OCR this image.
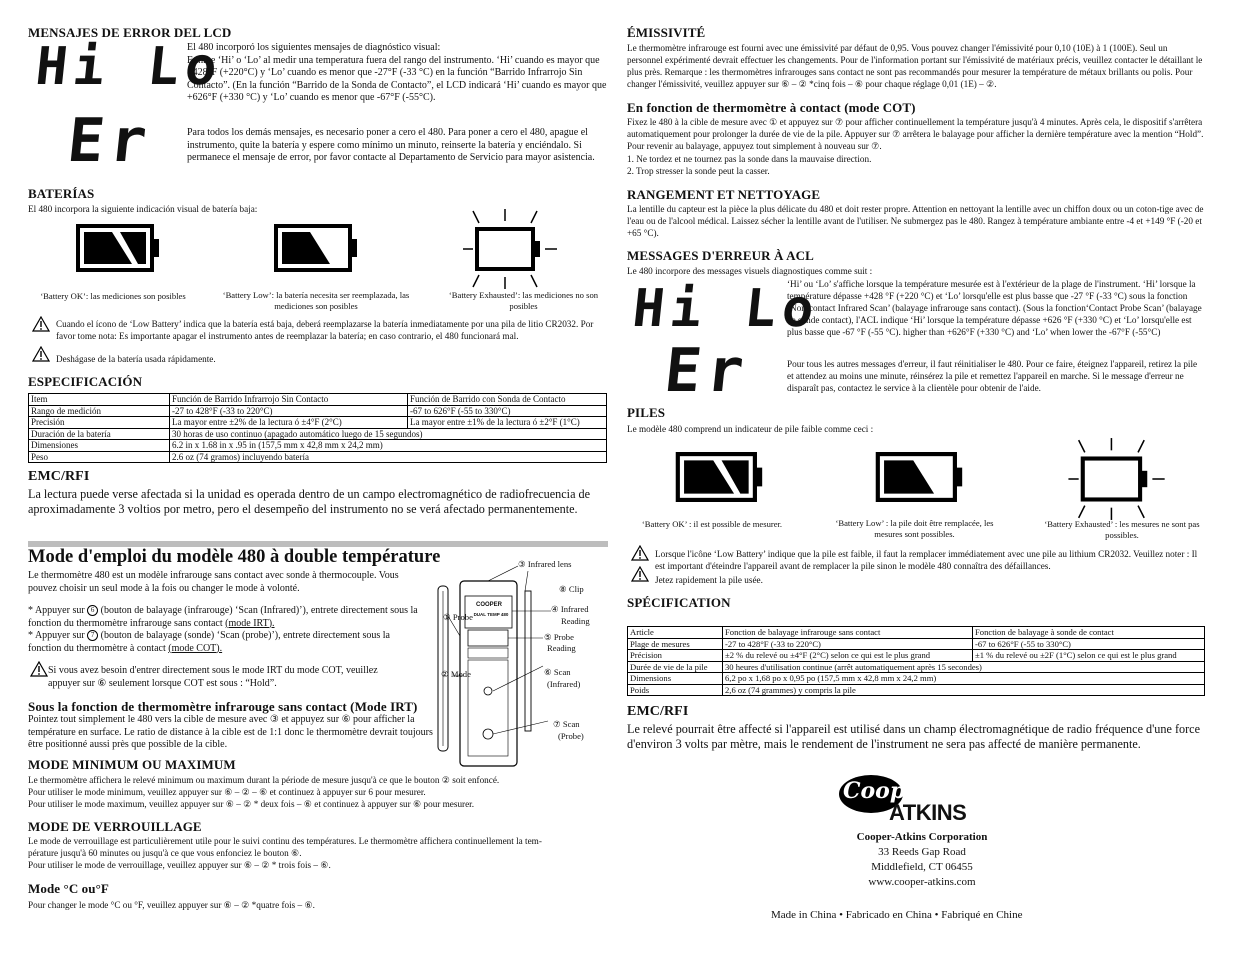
MENSAJES DE ERROR DEL LCD
Hi Lo
Er

El 480 incorporó los siguientes mensajes de diagnóstico visual:

Exhibe ‘Hi’ o ‘Lo’ al medir una temperatura fuera del rango del instrumento. ‘Hi’ cuando es mayor que +428°F (+220°C) y ‘Lo’ cuando es menor que -27°F (-33 °C) en la función “Barrido Infrarrojo Sin Contacto”. (En la función “Barrido de la Sonda de Contacto”, el LCD indicará ‘Hi’ cuando es mayor que +626°F (+330 °C) y ‘Lo’ cuando es menor que -67°F (-55°C).

Para todos los demás mensajes, es necesario poner a cero el 480. Para poner a cero el 480, apague el instrumento, quite la batería y espere como mínimo un minuto, reinserte la batería y enciéndalo. Si permanece el mensaje de error, por favor contacte al Departamento de Servicio para mayor asistencia.

BATERÍAS

El 480 incorpora la siguiente indicación visual de batería baja:

‘Battery OK’: las mediciones son posibles	‘Battery Low’: la batería necesita ser reemplazada, las mediciones son posibles

‘Battery Exhausted’: las mediciones no son posibles

Cuando el ícono de ‘Low Battery’ indica que la batería está baja, deberá reemplazarse la batería inmediatamente por una pila de litio CR2032. Por favor tome nota: Es importante apagar el instrumento antes de reemplazar la batería; en caso contrario, el 480 funcionará mal.

Deshágase de la batería usada rápidamente.

ESPECIFICACIÓN
Item	Función de Barrido Infrarrojo Sin Contacto	Función de Barrido con Sonda de Contacto
Rango de medición	-27 to 428°F (-33 to 220°C)	-67 to 626°F (-55 to 330°C)
Precisión	La mayor entre ±2% de la lectura ó ±4°F (2°C)	La mayor entre ±1% de la lectura ó ±2°F (1°C)
Duración de la batería	30 horas de uso continuo (apagado automático luego de 15 segundos)	
Dimensiones	6.2 in x 1.68 in x .95 in (157,5 mm x 42,8 mm x 24,2 mm)	
Peso	2.6 oz (74 gramos) incluyendo batería	
EMC/RFI

La lectura puede verse afectada si la unidad es operada dentro de un campo electromagnético de radiofrecuencia de aproximadamente 3 voltios por metro, pero el desempeño del instrumento no se verá afectado permanentemente.

Mode d'emploi du modèle 480 à double température

Le thermomètre 480 est un modèle infrarouge sans contact avec sonde à thermocouple. Vous pouvez choisir un seul mode à la fois ou changer le mode à volonté.

* Appuyer sur 6 (bouton de balayage (infrarouge) ‘Scan (Infrared)’), entrete directement sous la fonction du thermomètre infrarouge sans contact (mode IRT).
* Appuyer sur 7 (bouton de balayage (sonde) ‘Scan (probe)’), entrete directement sous la fonction du thermomètre à contact (mode COT).

Si vous avez besoin d'entrer directement sous le mode IRT du mode COT, veuillez appuyer sur ⑥ seulement lorsque COT est sous : “Hold”.

Sous la fonction de thermomètre infrarouge sans contact (Mode IRT)

Pointez tout simplement le 480 vers la cible de mesure avec ③ et appuyez sur ⑥ pour afficher la température en surface. Le ratio de distance à la cible est de 1:1 donc le thermomètre devrait toujours être positionné aussi près que possible de la cible.

MODE MINIMUM OU MAXIMUM

Le thermomètre affichera le relevé minimum ou maximum durant la période de mesure jusqu'à ce que le bouton ② soit enfoncé.

Pour utiliser le mode minimum, veuillez appuyer sur ⑥ – ② – ⑥ et continuez à appuyer sur 6 pour mesurer.

Pour utiliser le mode maximum, veuillez appuyer sur ⑥ – ② * deux fois – ⑥ et continuez à appuyer sur ⑥ pour mesurer.

MODE DE VERROUILLAGE

Le mode de verrouillage est particulièrement utile pour le suivi continu des températures. Le thermomètre affichera continuellement la tem-

pérature jusqu'à 60 minutes ou jusqu'à ce que vous enfonciez le bouton ⑥.

Pour utiliser le mode de verrouillage, veuillez appuyer sur ⑥ – ② * trois fois – ⑥.

Mode °C ou°F

Pour changer le mode °C ou °F, veuillez appuyer sur ⑥ – ② *quatre fois – ⑥.

COOPER
DUAL TEMP 480
③ Infrared lens
⑧ Clip
① Probe
④ Infrared
Reading
⑤ Probe
Reading
② Mode	⑥ Scan
(Infrared)
⑦ Scan
(Probe)
ÉMISSIVITÉ

Le thermomètre infrarouge est fourni avec une émissivité par défaut de 0,95. Vous pouvez changer l'émissivité pour 0,10 (10E) à 1 (100E). Seul un personnel expérimenté devrait effectuer les changements. Pour de l'information portant sur l'émissivité de matériaux précis, veuillez contacter le détaillant le plus près. Remarque : les thermomètres infrarouges sans contact ne sont pas recommandés pour mesurer la température de métaux brillants ou polis. Pour changer l'émissivité, veuillez appuyer sur ⑥ – ② *cinq fois – ⑥ pour chaque réglage 0,01 (1E) – ②.

En fonction de thermomètre à contact (mode COT)

Fixez le 480 à la cible de mesure avec ① et appuyez sur ⑦ pour afficher continuellement la température jusqu'à 4 minutes. Après cela, le dispositif s'arrêtera automatiquement pour prolonger la durée de vie de la pile. Appuyer sur ⑦ arrêtera le balayage pour afficher la dernière température avec la mention “Hold”. Pour revenir au balayage, appuyez tout simplement à nouveau sur ⑦.

1. Ne tordez et ne tournez pas la sonde dans la mauvaise direction.

2. Trop stresser la sonde peut la casser.

RANGEMENT ET NETTOYAGE

La lentille du capteur est la pièce la plus délicate du 480 et doit rester propre. Attention en nettoyant la lentille avec un chiffon doux ou un coton-tige avec de l'eau ou de l'alcool médical. Laissez sécher la lentille avant de l'utiliser. Ne submergez pas le 480. Rangez à température ambiante entre -4 et +149 °F (-20 et +65 °C).

MESSAGES D'ERREUR À ACL

Le 480 incorpore des messages visuels diagnostiques comme suit :

Hi Lo
Er

‘Hi’ ou ‘Lo’ s'affiche lorsque la température mesurée est à l'extérieur de la plage de l'instrument. ‘Hi’ lorsque la température dépasse +428 °F (+220 °C) et ‘Lo’ lorsqu'elle est plus basse que -27 °F (-33 °C) sous la fonction ‘Non-contact Infrared Scan’ (balayage infrarouge sans contact). (Sous la fonction‘Contact Probe Scan’ (balayage de sonde contact), l'ACL indique ‘Hi’ lorsque la température dépasse +626 °F (+330 °C) et ‘Lo’ lorsqu'elle est plus basse que -67 °F (-55 °C). higher than +626°F (+330 °C) and ‘Lo’ when lower the -67°F (-55°C)

Pour tous les autres messages d'erreur, il faut réinitialiser le 480. Pour ce faire, éteignez l'appareil, retirez la pile et attendez au moins une minute, réinsérez la pile et remettez l'appareil en marche. Si le message d'erreur ne disparaît pas, contactez le service à la clientèle pour obtenir de l'aide.

PILES

Le modèle 480 comprend un indicateur de pile faible comme ceci :

‘Battery OK’ : il est possible de mesurer.	‘Battery Low’ : la pile doit être remplacée, les mesures sont possibles.

‘Battery Exhausted’ : les mesures ne sont pas possibles.

Lorsque l'icône ‘Low Battery’ indique que la pile est faible, il faut la remplacer immédiatement avec une pile au lithium CR2032. Veuillez noter : Il est important d'éteindre l'appareil avant de remplacer la pile sinon le modèle 480 connaîtra des défaillances.

Jetez rapidement la pile usée.

SPÉCIFICATION
Article	Fonction de balayage infrarouge sans contact	Fonction de balayage à sonde de contact
Plage de mesures	-27 to 428°F (-33 to 220°C)	-67 to 626°F (-55 to 330°C)
Précision	±2 % du relevé ou ±4°F (2°C) selon ce qui est le plus grand	±1 % du relevé ou ±2F (1°C) selon ce qui est le plus grand
Durée de vie de la pile	30 heures d'utilisation continue (arrêt automatiquement après 15 secondes)	
Dimensions	6,2 po x 1,68 po x 0,95 po (157,5 mm x 42,8 mm x 24,2 mm)	
Poids	2,6 oz (74 grammes) y compris la pile	
EMC/RFI

Le relevé pourrait être affecté si l'appareil est utilisé dans un champ électromagnétique de radio fréquence d'une force d'environ 3 volts par mètre, mais le rendement de l'instrument ne sera pas affecté de manière permanente.

Cooper
ATKINS

Cooper-Atkins Corporation

33 Reeds Gap Road

Middlefield, CT 06455

www.cooper-atkins.com

Made in China • Fabricado en China • Fabriqué en Chine
